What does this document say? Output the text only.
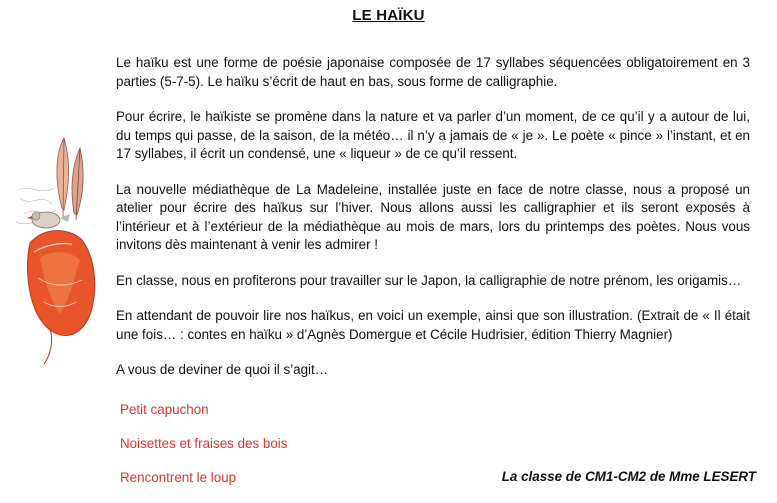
LE HAÏKU

Le haïku est une forme de poésie japonaise composée de 17 syllabes séquencées obligatoirement en 3 parties (5-7-5). Le haïku s’écrit de haut en bas, sous forme de calligraphie.

Pour écrire, le haïkiste se promène dans la nature et va parler d’un moment, de ce qu’il y a autour de lui, du temps qui passe, de la saison, de la météo… il n’y a jamais de « je ». Le poète « pince » l’instant, et en 17 syllabes, il écrit un condensé, une « liqueur » de ce qu’il ressent.

La nouvelle médiathèque de La Madeleine, installée juste en face de notre classe, nous a proposé un atelier pour écrire des haïkus sur l’hiver. Nous allons aussi les calligraphier et ils seront exposés à l’intérieur et à l’extérieur de la médiathèque au mois de mars, lors du printemps des poètes. Nous vous invitons dès maintenant à venir les admirer !

En classe, nous en profiterons pour travailler sur le Japon, la calligraphie de notre prénom, les origamis…

En attendant de pouvoir lire nos haïkus, en voici un exemple, ainsi que son illustration. (Extrait de « Il était une fois… : contes en haïku » d’Agnès Domergue et Cécile Hudrisier, édition Thierry Magnier)

A vous de deviner de quoi il s’agit…

Petit capuchon
Noisettes et fraises des bois
Rencontrent le loup	La classe de CM1-CM2 de Mme LESERT
